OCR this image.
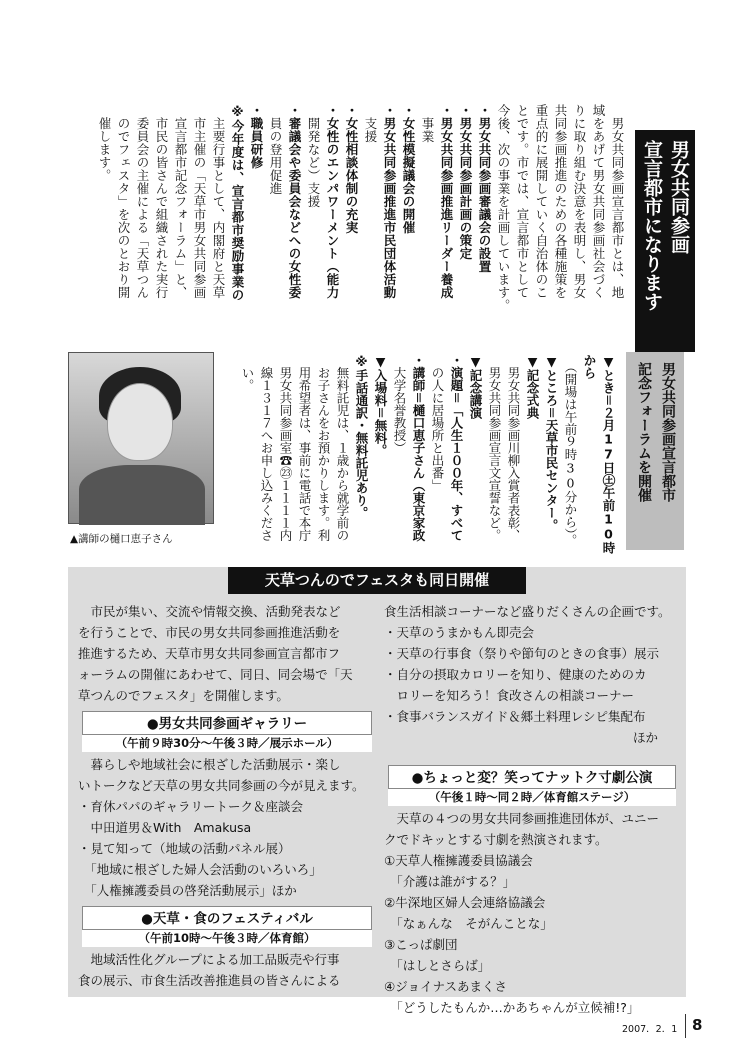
男女共同参画
宣言都市になります
　男女共同参画宣言都市とは、地
域をあげて男女共同参画社会づく
りに取り組む決意を表明し、男女
共同参画推進のための各種施策を
重点的に展開していく自治体のこ
とです。市では、宣言都市として
今後、次の事業を計画しています。
・男女共同参画審議会の設置
・男女共同参画計画の策定
・男女共同参画推進リーダー養成
　事業
・女性模擬議会の開催
・男女共同参画推進市民団体活動
　支援
・女性相談体制の充実
・女性のエンパワーメント（能力
　開発など）支援
・審議会や委員会などへの女性委
　員の登用促進
・職員研修
※今年度は、宣言都市奨励事業の
　主要行事として、内閣府と天草
　市主催の「天草市男女共同参画
　宣言都市記念フォーラム」と、
　市民の皆さんで組織された実行
　委員会の主催による「天草つん
　のでフェスタ」を次のとおり開
　催します。
男女共同参画宣言都市
記念フォーラムを開催
▼とき＝２月17日㊏午前10時から
　（開場は午前９時30分から）。
▼ところ＝天草市民センター。
▼記念式典
　男女共同参画川柳入賞者表彰、
　男女共同参画宣言文宣誓など。
▼記念講演
・演題＝「人生１００年、すべて
　の人に居場所と出番」
・講師＝樋口恵子さん（東京家政
　大学名誉教授）
▼入場料＝無料。
※手話通訳・無料託児あり。
　無料託児は、１歳から就学前の
　お子さんをお預かりします。利
　用希望者は、事前に電話で本庁
　男女共同参画室☎㉓１１１１内
　線１３１７へお申し込みくださ
　い。
▲講師の樋口恵子さん
天草つんのでフェスタも同日開催
　市民が集い、交流や情報交換、活動発表など
を行うことで、市民の男女共同参画推進活動を
推進するため、天草市男女共同参画宣言都市フ
ォーラムの開催にあわせて、同日、同会場で「天
草つんのでフェスタ」を開催します。
●男女共同参画ギャラリー
（午前９時30分〜午後３時／展示ホール）
　暮らしや地域社会に根ざした活動展示・楽し
いトークなど天草の男女共同参画の今が見えます。
・育休パパのギャラリートーク＆座談会
　中田道男＆With　Amakusa
・見て知って（地域の活動パネル展）
　「地域に根ざした婦人会活動のいろいろ」
　「人権擁護委員の啓発活動展示」ほか
●天草・食のフェスティバル
（午前10時〜午後３時／体育館）
　地域活性化グループによる加工品販売や行事
食の展示、市食生活改善推進員の皆さんによる
食生活相談コーナーなど盛りだくさんの企画です。
・天草のうまかもん即売会
・天草の行事食（祭りや節句のときの食事）展示
・自分の摂取カロリーを知り、健康のためのカ
　ロリーを知ろう！食改さんの相談コーナー
・食事バランスガイド＆郷土料理レシピ集配布
ほか
●ちょっと変？笑ってナットク寸劇公演
（午後１時〜同２時／体育館ステージ）
　天草の４つの男女共同参画推進団体が、ユニー
クでドキッとする寸劇を熱演されます。
①天草人権擁護委員協議会
　「介護は誰がする？」
②牛深地区婦人会連絡協議会
　「なぁんな　そがんことな」
③こっぱ劇団
　「はしとさらば」
④ジョイナスあまくさ
　「どうしたもんか…かあちゃんが立候補!?」
2007．2．1 8
